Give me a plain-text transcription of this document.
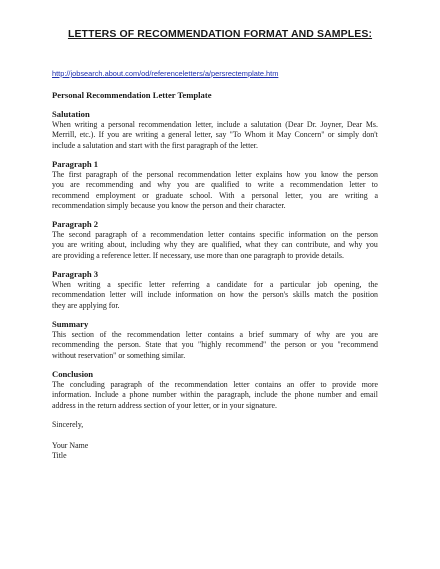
LETTERS OF RECOMMENDATION FORMAT AND SAMPLES:
http://jobsearch.about.com/od/referenceletters/a/persrectemplate.htm
Personal Recommendation Letter Template
Salutation
When writing a personal recommendation letter, include a salutation (Dear Dr. Joyner, Dear Ms.
Merrill, etc.). If you are writing a general letter, say "To Whom it May Concern" or simply don't
include a salutation and start with the first paragraph of the letter.
Paragraph 1
The first paragraph of the personal recommendation letter explains how you know the person
you are recommending and why you are qualified to write a recommendation letter to
recommend employment or graduate school. With a personal letter, you are writing a
recommendation simply because you know the person and their character.
Paragraph 2
The second paragraph of a recommendation letter contains specific information on the person
you are writing about, including why they are qualified, what they can contribute, and why you
are providing a reference letter. If necessary, use more than one paragraph to provide details.
Paragraph 3
When writing a specific letter referring a candidate for a particular job opening, the
recommendation letter will include information on how the person's skills match the position
they are applying for.
Summary
This section of the recommendation letter contains a brief summary of why are you are
recommending the person. State that you "highly recommend" the person or you "recommend
without reservation" or something similar.
Conclusion
The concluding paragraph of the recommendation letter contains an offer to provide more
information. Include a phone number within the paragraph, include the phone number and email
address in the return address section of your letter, or in your signature.
Sincerely,
Your Name
Title
